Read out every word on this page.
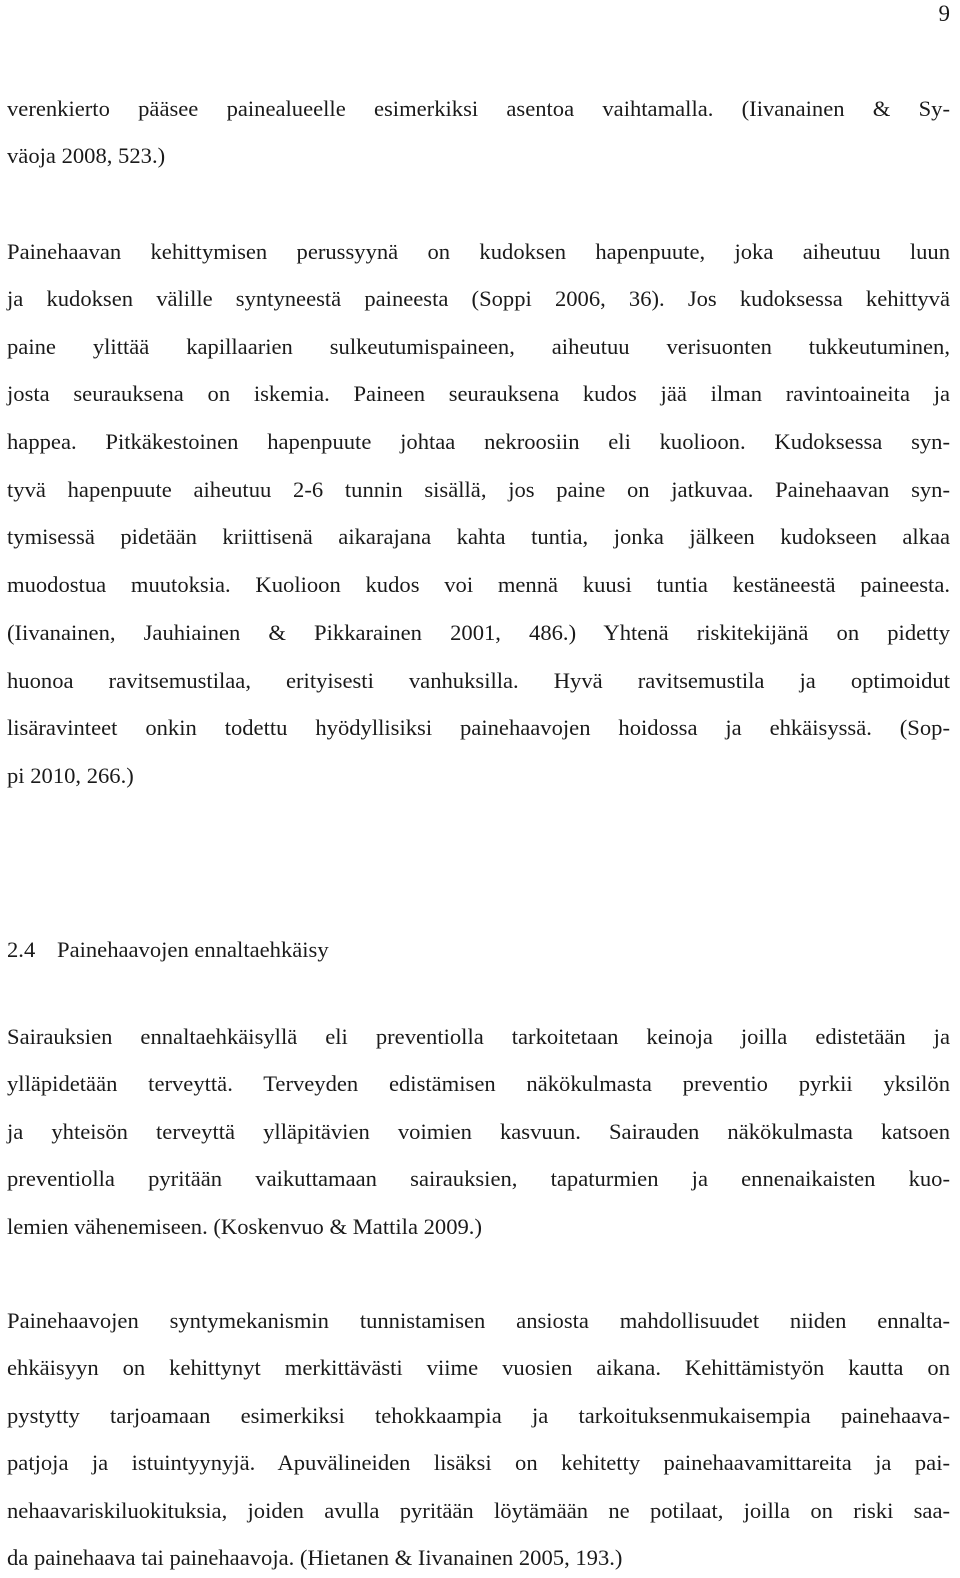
9
verenkierto pääsee painealueelle esimerkiksi asentoa vaihtamalla. (Iivanainen & Sy-
väoja 2008, 523.)
Painehaavan kehittymisen perussyynä on kudoksen hapenpuute, joka aiheutuu luun
ja kudoksen välille syntyneestä paineesta (Soppi 2006, 36). Jos kudoksessa kehittyvä
paine ylittää kapillaarien sulkeutumispaineen, aiheutuu verisuonten tukkeutuminen,
josta seurauksena on iskemia. Paineen seurauksena kudos jää ilman ravintoaineita ja
happea. Pitkäkestoinen hapenpuute johtaa nekroosiin eli kuolioon. Kudoksessa syn-
tyvä hapenpuute aiheutuu 2-6 tunnin sisällä, jos paine on jatkuvaa. Painehaavan syn-
tymisessä pidetään kriittisenä aikarajana kahta tuntia, jonka jälkeen kudokseen alkaa
muodostua muutoksia. Kuolioon kudos voi mennä kuusi tuntia kestäneestä paineesta.
(Iivanainen, Jauhiainen & Pikkarainen 2001, 486.) Yhtenä riskitekijänä on pidetty
huonoa ravitsemustilaa, erityisesti vanhuksilla. Hyvä ravitsemustila ja optimoidut
lisäravinteet onkin todettu hyödyllisiksi painehaavojen hoidossa ja ehkäisyssä. (Sop-
pi 2010, 266.)
2.4 Painehaavojen ennaltaehkäisy
Sairauksien ennaltaehkäisyllä eli preventiolla tarkoitetaan keinoja joilla edistetään ja
ylläpidetään terveyttä. Terveyden edistämisen näkökulmasta preventio pyrkii yksilön
ja yhteisön terveyttä ylläpitävien voimien kasvuun. Sairauden näkökulmasta katsoen
preventiolla pyritään vaikuttamaan sairauksien, tapaturmien ja ennenaikaisten kuo-
lemien vähenemiseen. (Koskenvuo & Mattila 2009.)
Painehaavojen syntymekanismin tunnistamisen ansiosta mahdollisuudet niiden ennalta-
ehkäisyyn on kehittynyt merkittävästi viime vuosien aikana. Kehittämistyön kautta on
pystytty tarjoamaan esimerkiksi tehokkaampia ja tarkoituksenmukaisempia painehaava-
patjoja ja istuintyynyjä. Apuvälineiden lisäksi on kehitetty painehaavamittareita ja pai-
nehaavariskiluokituksia, joiden avulla pyritään löytämään ne potilaat, joilla on riski saa-
da painehaava tai painehaavoja. (Hietanen & Iivanainen 2005, 193.)
